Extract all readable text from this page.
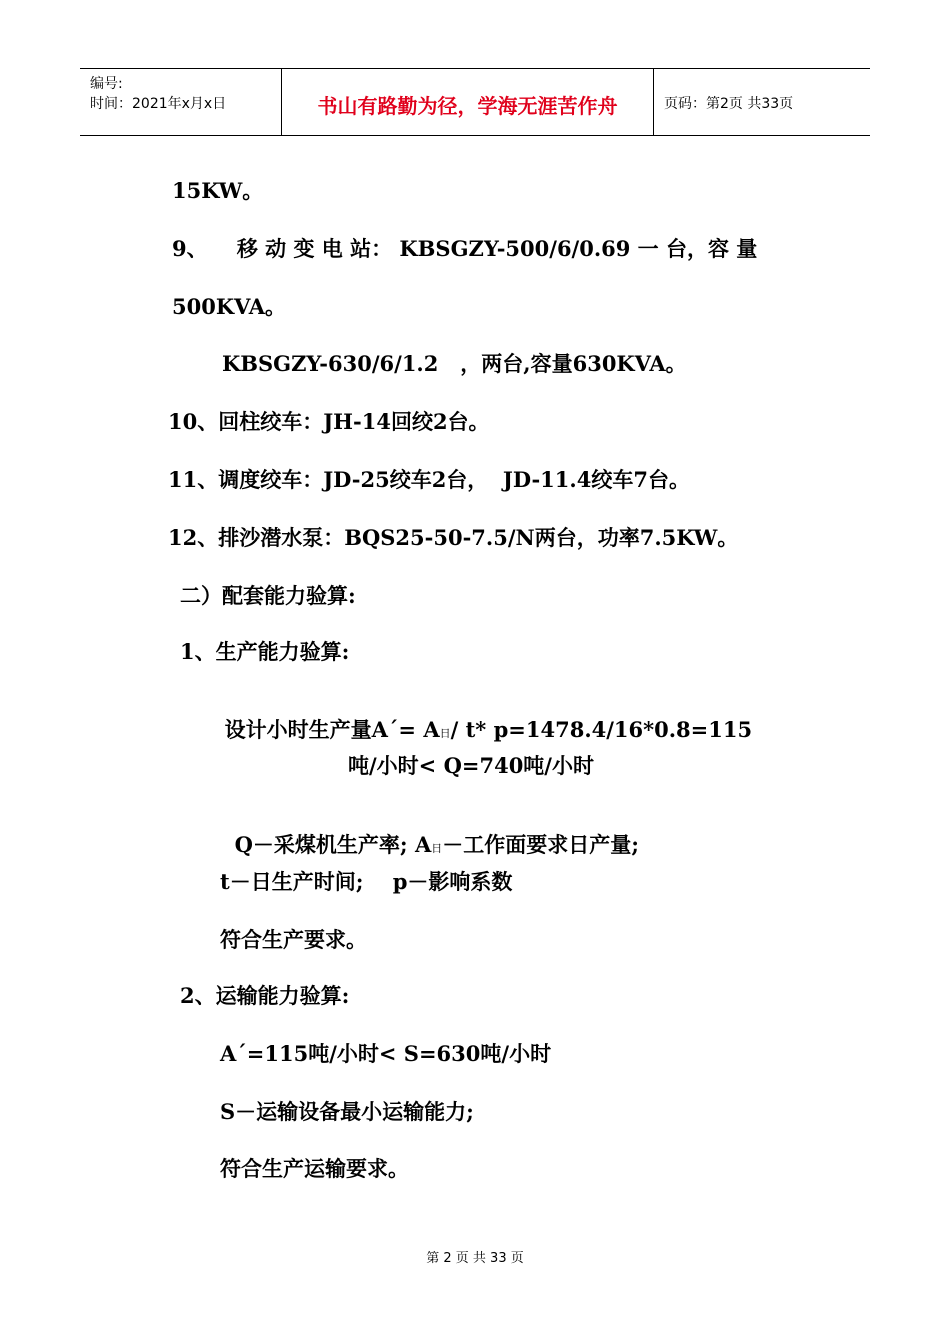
编号:
时间：2021年x月x日	书山有路勤为径，学海无涯苦作舟	页码：第2页 共33页
15KW。
9、    移 动 变 电 站： KBSGZY-500/6/0.69 一 台，容 量
500KVA。
KBSGZY-630/6/1.2   ，两台,容量630KVA。
10、回柱绞车：JH-14回绞2台。
11、调度绞车：JD-25绞车2台，  JD-11.4绞车7台。
12、排沙潜水泵：BQS25-50-7.5/N两台，功率7.5KW。
二）配套能力验算:
1、生产能力验算:

设计小时生产量A´= A日/ t* p=1478.4/16*0.8=115

吨/小时< Q=740吨/小时

Q－采煤机生产率; A日－工作面要求日产量;

t－日生产时间;    p－影响系数
符合生产要求。
2、运输能力验算:
A´=115吨/小时< S=630吨/小时
S－运输设备最小运输能力;
符合生产运输要求。
第 2 页 共 33 页
